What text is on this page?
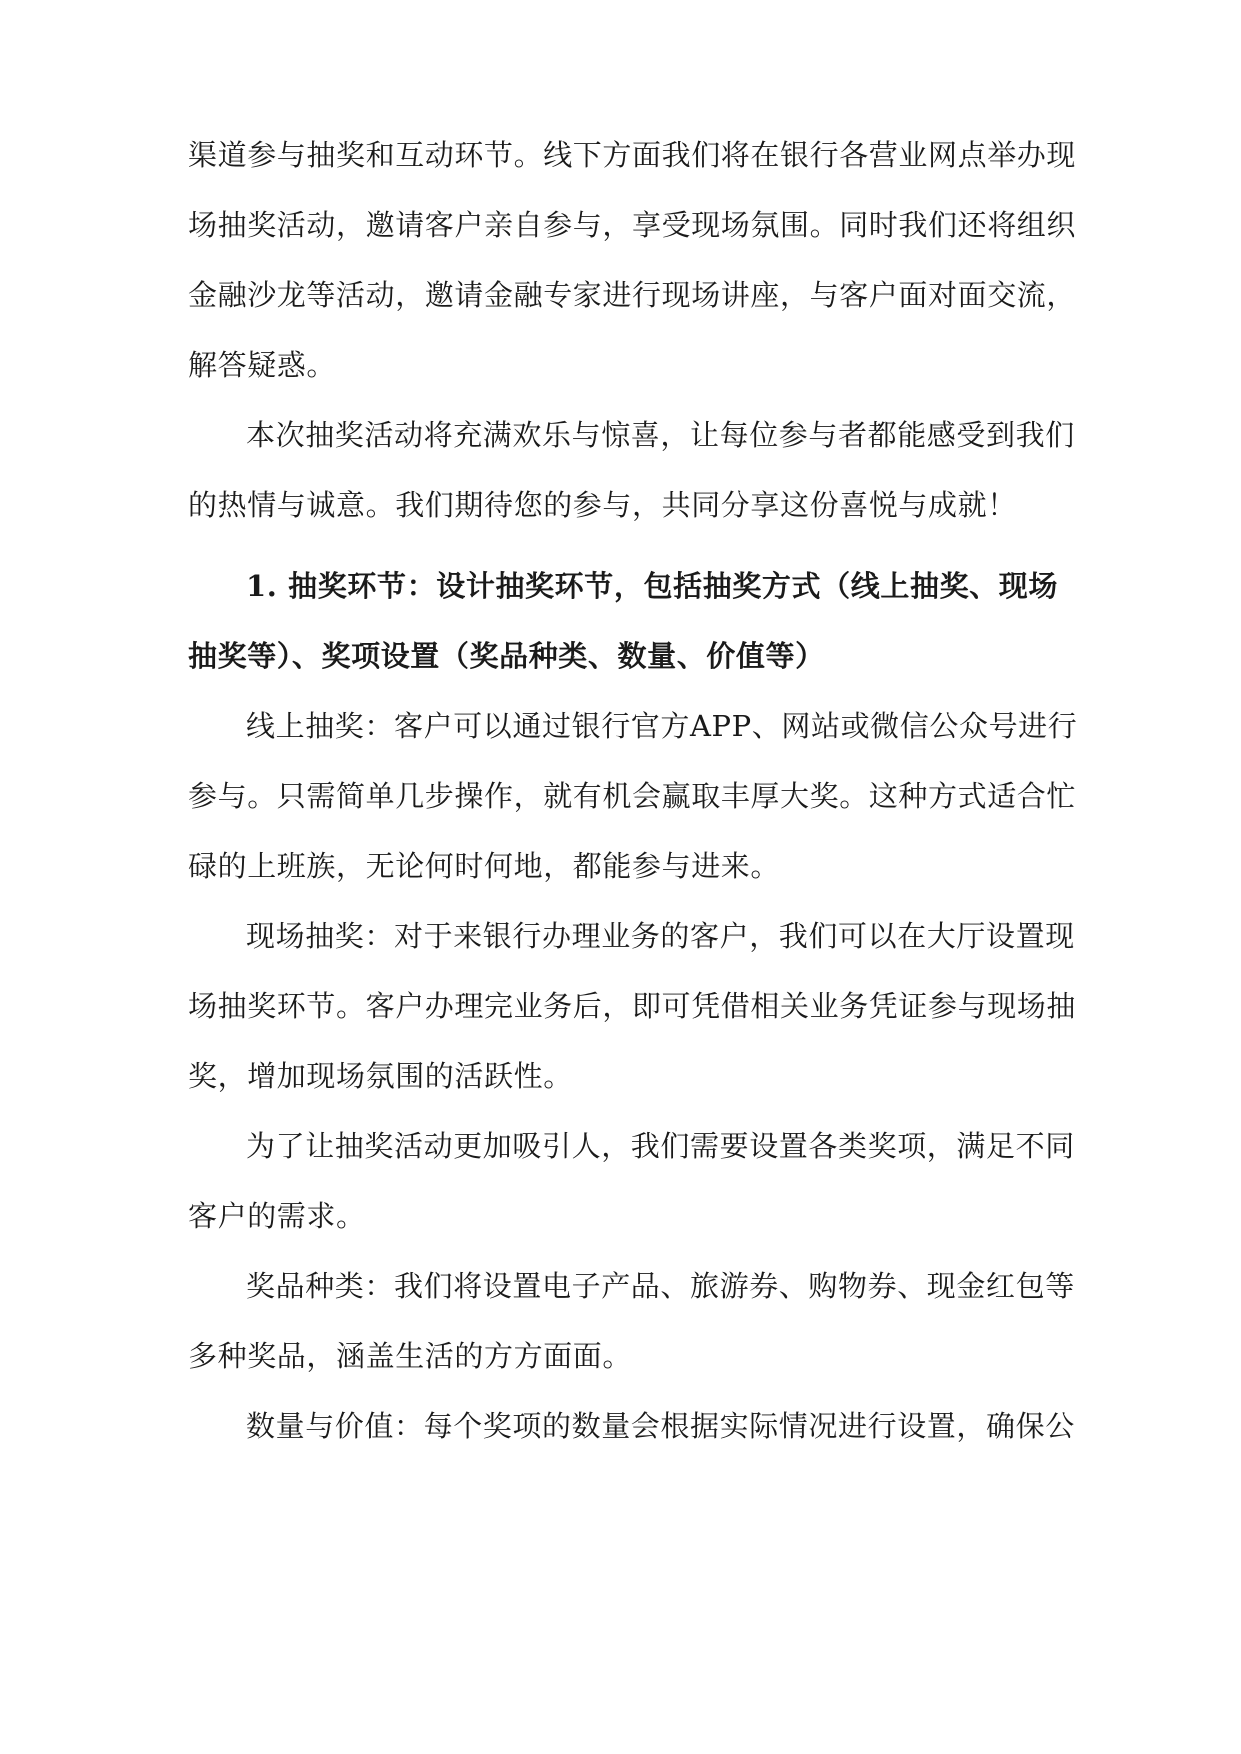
渠道参与抽奖和互动环节。线下方面我们将在银行各营业网点举办现
场抽奖活动，邀请客户亲自参与，享受现场氛围。同时我们还将组织
金融沙龙等活动，邀请金融专家进行现场讲座，与客户面对面交流，
解答疑惑。
本次抽奖活动将充满欢乐与惊喜，让每位参与者都能感受到我们
的热情与诚意。我们期待您的参与，共同分享这份喜悦与成就！
1. 抽奖环节：设计抽奖环节，包括抽奖方式（线上抽奖、现场
抽奖等）、奖项设置（奖品种类、数量、价值等）
线上抽奖：客户可以通过银行官方APP、网站或微信公众号进行
参与。只需简单几步操作，就有机会赢取丰厚大奖。这种方式适合忙
碌的上班族，无论何时何地，都能参与进来。
现场抽奖：对于来银行办理业务的客户，我们可以在大厅设置现
场抽奖环节。客户办理完业务后，即可凭借相关业务凭证参与现场抽
奖，增加现场氛围的活跃性。
为了让抽奖活动更加吸引人，我们需要设置各类奖项，满足不同
客户的需求。
奖品种类：我们将设置电子产品、旅游券、购物券、现金红包等
多种奖品，涵盖生活的方方面面。
数量与价值：每个奖项的数量会根据实际情况进行设置，确保公
